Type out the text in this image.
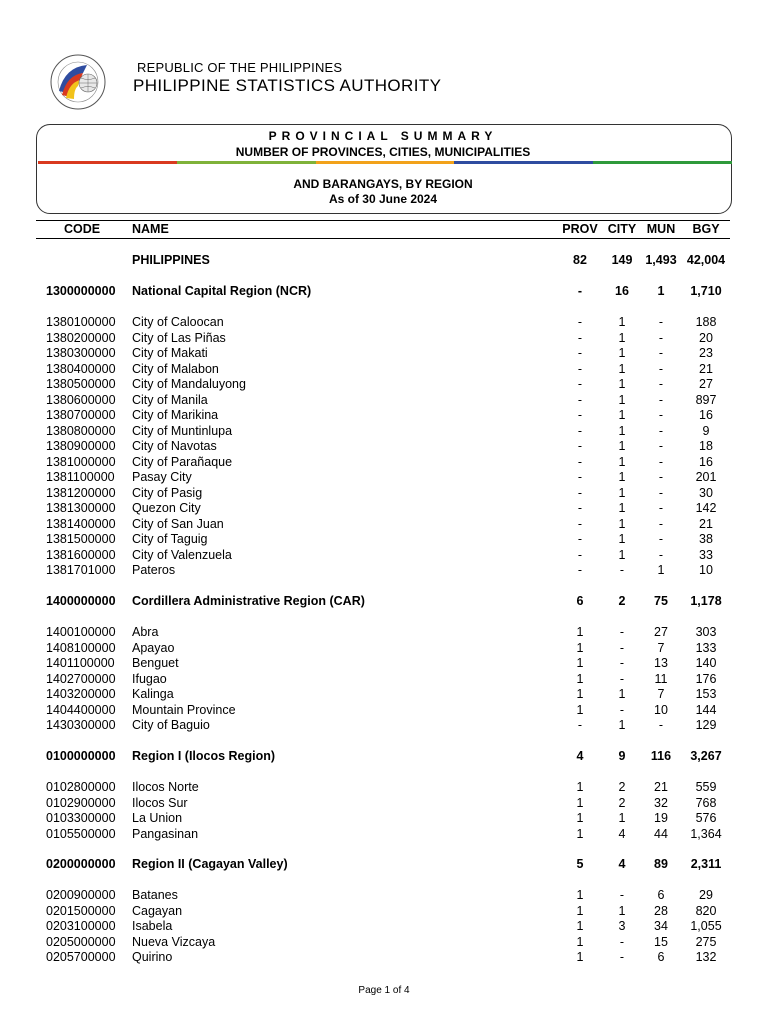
REPUBLIC OF THE PHILIPPINES
PHILIPPINE STATISTICS AUTHORITY
PROVINCIAL SUMMARY
NUMBER OF PROVINCES, CITIES, MUNICIPALITIES
AND BARANGAYS, BY REGION
As of 30 June 2024
CODE	NAME	PROV CITY MUN	BGY
PHILIPPINES	82	149	1,493 42,004
1300000000 National Capital Region (NCR)	-	16	1	1,710
1380100000 City of Caloocan	-	1	-	188
1380200000 City of Las Piñas	-	1	-	20
1380300000 City of Makati	-	1	-	23
1380400000 City of Malabon	-	1	-	21
1380500000 City of Mandaluyong	-	1	-	27
1380600000 City of Manila	-	1	-	897
1380700000 City of Marikina	-	1	-	16
1380800000 City of Muntinlupa	-	1	-	9
1380900000 City of Navotas	-	1	-	18
1381000000 City of Parañaque	-	1	-	16
1381100000 Pasay City	-	1	-	201
1381200000 City of Pasig	-	1	-	30
1381300000 Quezon City	-	1	-	142
1381400000 City of San Juan	-	1	-	21
1381500000 City of Taguig	-	1	-	38
1381600000 City of Valenzuela	-	1	-	33
1381701000 Pateros	-	-	1	10
1400000000 Cordillera Administrative Region (CAR)	6	2	75	1,178
1400100000 Abra	1	-	27	303
1408100000 Apayao	1	-	7	133
1401100000 Benguet	1	-	13	140
1402700000 Ifugao	1	-	11	176
1403200000 Kalinga	1	1	7	153
1404400000 Mountain Province	1	-	10	144
1430300000 City of Baguio	-	1	-	129
0100000000 Region I (Ilocos Region)	4	9	116	3,267
0102800000 Ilocos Norte	1	2	21	559
0102900000 Ilocos Sur	1	2	32	768
0103300000 La Union	1	1	19	576
0105500000 Pangasinan	1	4	44	1,364
0200000000 Region II (Cagayan Valley)	5	4	89	2,311
0200900000 Batanes	1	-	6	29
0201500000 Cagayan	1	1	28	820
0203100000 Isabela	1	3	34	1,055
0205000000 Nueva Vizcaya	1	-	15	275
0205700000 Quirino	1	-	6	132
Page 1 of 4
